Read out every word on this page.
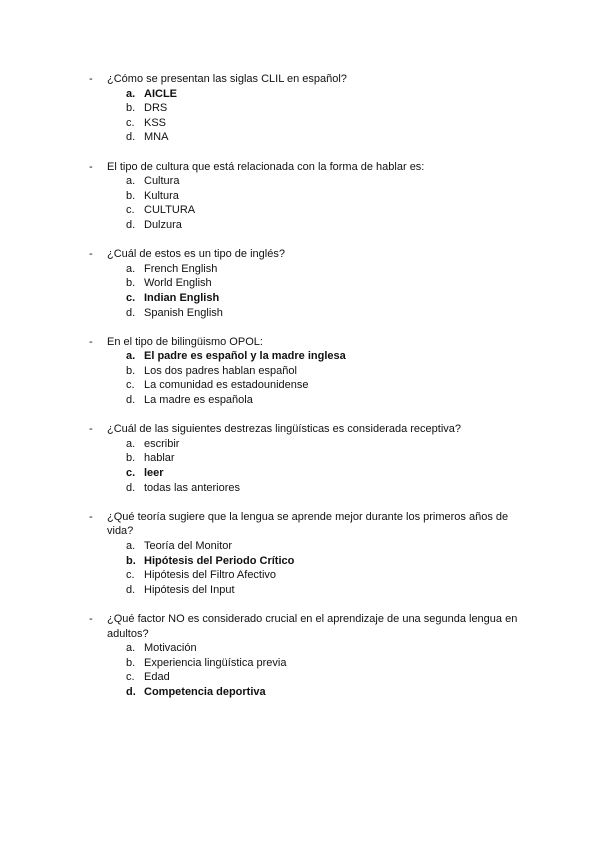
-	¿Cómo se presentan las siglas CLIL en español?
a. AICLE
b. DRS
c. KSS
d. MNA
-	El tipo de cultura que está relacionada con la forma de hablar es:
a. Cultura
b. Kultura
c. CULTURA
d. Dulzura
-	¿Cuál de estos es un tipo de inglés?
a. French English
b. World English
c. Indian English
d. Spanish English
-	En el tipo de bilingüismo OPOL:
a. El padre es español y la madre inglesa
b. Los dos padres hablan español
c. La comunidad es estadounidense
d. La madre es española
-	¿Cuál de las siguientes destrezas lingüísticas es considerada receptiva?
a. escribir
b. hablar
c. leer
d. todas las anteriores
-	¿Qué teoría sugiere que la lengua se aprende mejor durante los primeros años de vida?
a. Teoría del Monitor
b. Hipótesis del Periodo Crítico
c. Hipótesis del Filtro Afectivo
d. Hipótesis del Input
-	¿Qué factor NO es considerado crucial en el aprendizaje de una segunda lengua en adultos?
a. Motivación
b. Experiencia lingüística previa
c. Edad
d. Competencia deportiva
